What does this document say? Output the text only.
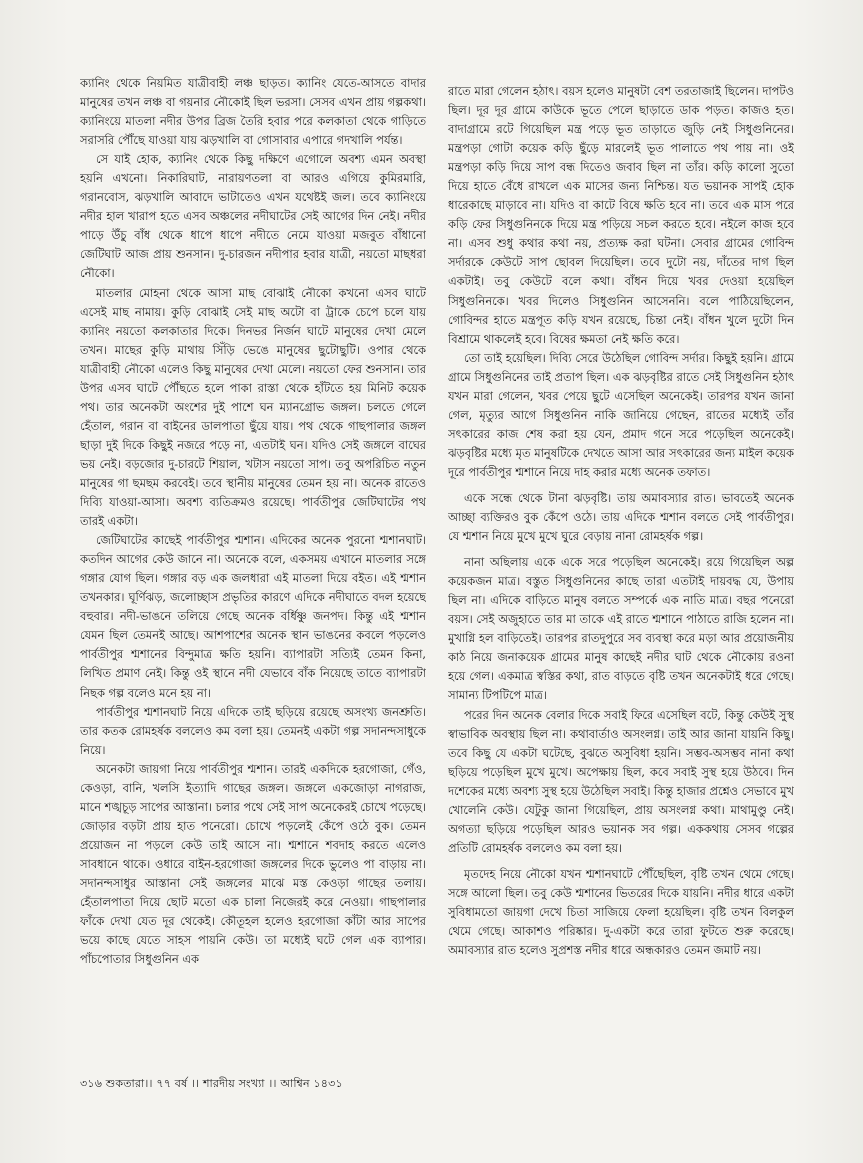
ক্যানিং থেকে নিয়মিত যাত্রীবাহী লঞ্চ ছাড়ত। ক্যানিং যেতে-আসতে বাদার মানুষের তখন লঞ্চ বা গয়নার নৌকোই ছিল ভরসা। সেসব এখন প্রায় গল্পকথা। ক্যানিংয়ে মাতলা নদীর উপর ব্রিজ তৈরি হবার পরে কলকাতা থেকে গাড়িতে সরাসরি পৌঁছে যাওয়া যায় ঝড়খালি বা গোসাবার এপারে গদখালি পর্যন্ত।

সে যাই হোক, ক্যানিং থেকে কিছু দক্ষিণে এগোলে অবশ্য এমন অবস্থা হয়নি এখনো। নিকারিঘাট, নারায়ণতলা বা আরও এগিয়ে কুমিরমারি, গরানবোস, ঝড়খালি আবাদে ভাটাতেও এখন যথেষ্টই জল। তবে ক্যানিংয়ে নদীর হাল খারাপ হতে এসব অঞ্চলের নদীঘাটের সেই আগের দিন নেই। নদীর পাড়ে উঁচু বাঁধ থেকে ধাপে ধাপে নদীতে নেমে যাওয়া মজবুত বাঁধানো জেটিঘাট আজ প্রায় শুনসান। দু-চারজন নদীপার হবার যাত্রী, নয়তো মাছধরা নৌকো।

মাতলার মোহনা থেকে আসা মাছ বোঝাই নৌকো কখনো এসব ঘাটে এসেই মাছ নামায়। কুড়ি বোঝাই সেই মাছ অটো বা ট্রাকে চেপে চলে যায় ক্যানিং নয়তো কলকাতার দিকে। দিনভর নির্জন ঘাটে মানুষের দেখা মেলে তখন। মাছের কুড়ি মাথায় সিঁড়ি ভেঙে মানুষের ছুটোছুটি। ওপার থেকে যাত্রীবাহী নৌকো এলেও কিছু মানুষের দেখা মেলে। নয়তো ফের শুনসান। তার উপর এসব ঘাটে পৌঁছতে হলে পাকা রাস্তা থেকে হাঁটতে হয় মিনিট কয়েক পথ। তার অনেকটা অংশের দুই পাশে ঘন ম্যানগ্রোভ জঙ্গল। চলতে গেলে হেঁতাল, গরান বা বাইনের ডালপাতা ছুঁয়ে যায়। পথ থেকে গাছপালার জঙ্গল ছাড়া দুই দিকে কিছুই নজরে পড়ে না, এতটাই ঘন। যদিও সেই জঙ্গলে বাঘের ভয় নেই। বড়জোর দু-চারটে শিয়াল, খটাস নয়তো সাপ। তবু অপরিচিত নতুন মানুষের গা ছমছম করবেই। তবে স্থানীয় মানুষের তেমন হয় না। অনেক রাতেও দিব্যি যাওয়া-আসা। অবশ্য ব্যতিক্রমও রয়েছে। পার্বতীপুর জেটিঘাটের পথ তারই একটা।

জেটিঘাটের কাছেই পার্বতীপুর শ্মশান। এদিকের অনেক পুরনো শ্মশানঘাট। কতদিন আগের কেউ জানে না। অনেকে বলে, একসময় এখানে মাতলার সঙ্গে গঙ্গার যোগ ছিল। গঙ্গার বড় এক জলধারা এই মাতলা দিয়ে বইত। এই শ্মশান তখনকার। ঘূর্ণিঝড়, জলোচ্ছাস প্রভৃতির কারণে এদিকে নদীঘাতে বদল হয়েছে বহুবার। নদী-ভাঙনে তলিয়ে গেছে অনেক বর্ধিষ্ণু জনপদ। কিন্তু এই শ্মশান যেমন ছিল তেমনই আছে। আশপাশের অনেক স্থান ভাঙনের কবলে পড়লেও পার্বতীপুর শ্মশানের বিন্দুমাত্র ক্ষতি হয়নি। ব্যাপারটা সত্যিই তেমন কিনা, লিখিত প্রমাণ নেই। কিন্তু ওই স্থানে নদী যেভাবে বাঁক নিয়েছে তাতে ব্যাপারটা নিছক গল্প বলেও মনে হয় না।

পার্বতীপুর শ্মশানঘাট নিয়ে এদিকে তাই ছড়িয়ে রয়েছে অসংখ্য জনশ্রুতি। তার কতক রোমহর্ষক বললেও কম বলা হয়। তেমনই একটা গল্প সদানন্দসাধুকে নিয়ে।

অনেকটা জায়গা নিয়ে পার্বতীপুর শ্মশান। তারই একদিকে হরগোজা, গেঁও, কেওড়া, বানি, খলসি ইত্যাদি গাছের জঙ্গল। জঙ্গলে একজোড়া নাগরাজ, মানে শঙ্খচূড় সাপের আস্তানা। চলার পথে সেই সাপ অনেকেরই চোখে পড়েছে। জোড়ার বড়টা প্রায় হাত পনেরো। চোখে পড়লেই কেঁপে ওঠে বুক। তেমন প্রয়োজন না পড়লে কেউ তাই আসে না। শ্মশানে শবদাহ করতে এলেও সাবধানে থাকে। ওধারে বাইন-হরগোজা জঙ্গলের দিকে ভুলেও পা বাড়ায় না। সদানন্দসাধুর আস্তানা সেই জঙ্গলের মাঝে মস্ত কেওড়া গাছের তলায়। হেঁতালপাতা দিয়ে ছোট মতো এক চালা নিজেরই করে নেওয়া। গাছপালার ফাঁকে দেখা যেত দূর থেকেই। কৌতূহল হলেও হরগোজা কাঁটা আর সাপের ভয়ে কাছে যেতে সাহস পায়নি কেউ। তা মধ্যেই ঘটে গেল এক ব্যাপার। পাঁচপোতার সিধুগুনিন এক

রাতে মারা গেলেন হঠাৎ। বয়স হলেও মানুষটা বেশ তরতাজাই ছিলেন। দাপটও ছিল। দূর দূর গ্রামে কাউকে ভূতে পেলে ছাড়াতে ডাক পড়ত। কাজও হত। বাদাগ্রামে রটে গিয়েছিল মন্ত্র পড়ে ভূত তাড়াতে জুড়ি নেই সিধুগুনিনের। মন্ত্রপড়া গোটা কয়েক কড়ি ছুঁড়ে মারলেই ভূত পালাতে পথ পায় না। ওই মন্ত্রপড়া কড়ি দিয়ে সাপ বন্ধ দিতেও জবাব ছিল না তাঁর। কড়ি কালো সুতো দিয়ে হাতে বেঁধে রাখলে এক মাসের জন্য নিশ্চিন্ত। যত ভয়ানক সাপই হোক ধারেকাছে মাড়াবে না। যদিও বা কাটে বিষে ক্ষতি হবে না। তবে এক মাস পরে কড়ি ফের সিধুগুনিনকে দিয়ে মন্ত্র পড়িয়ে সচল করতে হবে। নইলে কাজ হবে না। এসব শুধু কথার কথা নয়, প্রত্যক্ষ করা ঘটনা। সেবার গ্রামের গোবিন্দ সর্দারকে কেউটে সাপ ছোবল দিয়েছিল। তবে দুটো নয়, দাঁতের দাগ ছিল একটাই। তবু কেউটে বলে কথা। বাঁধন দিয়ে খবর দেওয়া হয়েছিল সিধুগুনিনকে। খবর দিলেও সিধুগুনিন আসেননি। বলে পাঠিয়েছিলেন, গোবিন্দর হাতে মন্ত্রপূত কড়ি যখন রয়েছে, চিন্তা নেই। বাঁধন খুলে দুটো দিন বিশ্রামে থাকলেই হবে। বিষের ক্ষমতা নেই ক্ষতি করে।

তো তাই হয়েছিল। দিব্যি সেরে উঠেছিল গোবিন্দ সর্দার। কিছুই হয়নি। গ্রামে গ্রামে সিধুগুনিনের তাই প্রতাপ ছিল। এক ঝড়বৃষ্টির রাতে সেই সিধুগুনিন হঠাৎ যখন মারা গেলেন, খবর পেয়ে ছুটে এসেছিল অনেকেই। তারপর যখন জানা গেল, মৃত্যুর আগে সিধুগুনিন নাকি জানিয়ে গেছেন, রাতের মধ্যেই তাঁর সৎকারের কাজ শেষ করা হয় যেন, প্রমাদ গনে সরে পড়েছিল অনেকেই। ঝড়বৃষ্টির মধ্যে মৃত মানুষটিকে দেখতে আসা আর সৎকারের জন্য মাইল কয়েক দূরে পার্বতীপুর শ্মশানে নিয়ে দাহ করার মধ্যে অনেক তফাত।

একে সন্ধে থেকে টানা ঝড়বৃষ্টি। তায় অমাবস্যার রাত। ভাবতেই অনেক আচ্ছা ব্যক্তিরও বুক কেঁপে ওঠে। তায় এদিকে শ্মশান বলতে সেই পার্বতীপুর। যে শ্মশান নিয়ে মুখে মুখে ঘুরে বেড়ায় নানা রোমহর্ষক গল্প।

নানা অছিলায় একে একে সরে পড়েছিল অনেকেই। রয়ে গিয়েছিল অল্প কয়েকজন মাত্র। বস্তুত সিধুগুনিনের কাছে তারা এতটাই দায়বদ্ধ যে, উপায় ছিল না। এদিকে বাড়িতে মানুষ বলতে সম্পর্কে এক নাতি মাত্র। বছর পনেরো বয়স। সেই অজুহাতে তার মা তাকে এই রাতে শ্মশানে পাঠাতে রাজি হলেন না। মুখাগ্নি হল বাড়িতেই। তারপর রাতদুপুরে সব ব্যবস্থা করে মড়া আর প্রয়োজনীয় কাঠ নিয়ে জনাকয়েক গ্রামের মানুষ কাছেই নদীর ঘাট থেকে নৌকোয় রওনা হয়ে গেল। একমাত্র স্বস্তির কথা, রাত বাড়তে বৃষ্টি তখন অনেকটাই ধরে গেছে। সামান্য টিপটিপে মাত্র।

পরের দিন অনেক বেলার দিকে সবাই ফিরে এসেছিল বটে, কিন্তু কেউই সুস্থ স্বাভাবিক অবস্থায় ছিল না। কথাবার্তাও অসংলগ্ন। তাই আর জানা যায়নি কিছু। তবে কিছু যে একটা ঘটেছে, বুঝতে অসুবিধা হয়নি। সম্ভব-অসম্ভব নানা কথা ছড়িয়ে পড়েছিল মুখে মুখে। অপেক্ষায় ছিল, কবে সবাই সুস্থ হয়ে উঠবে। দিন দশেকের মধ্যে অবশ্য সুস্থ হয়ে উঠেছিল সবাই। কিন্তু হাজার প্রশ্নেও সেভাবে মুখ খোলেনি কেউ। যেটুকু জানা গিয়েছিল, প্রায় অসংলগ্ন কথা। মাথামুণ্ডু নেই। অগত্যা ছড়িয়ে পড়েছিল আরও ভয়ানক সব গল্প। এককথায় সেসব গল্পের প্রতিটি রোমহর্ষক বললেও কম বলা হয়।

মৃতদেহ নিয়ে নৌকো যখন শ্মশানঘাটে পৌঁছেছিল, বৃষ্টি তখন থেমে গেছে। সঙ্গে আলো ছিল। তবু কেউ শ্মশানের ভিতরের দিকে যায়নি। নদীর ধারে একটা সুবিধামতো জায়গা দেখে চিতা সাজিয়ে ফেলা হয়েছিল। বৃষ্টি তখন বিলকুল থেমে গেছে। আকাশও পরিষ্কার। দু-একটা করে তারা ফুটতে শুরু করেছে। অমাবস্যার রাত হলেও সুপ্রশস্ত নদীর ধারে অন্ধকারও তেমন জমাট নয়।

৩১৬ শুকতারা।। ৭৭ বর্ষ ।। শারদীয় সংখ্যা ।। আশ্বিন ১৪৩১
